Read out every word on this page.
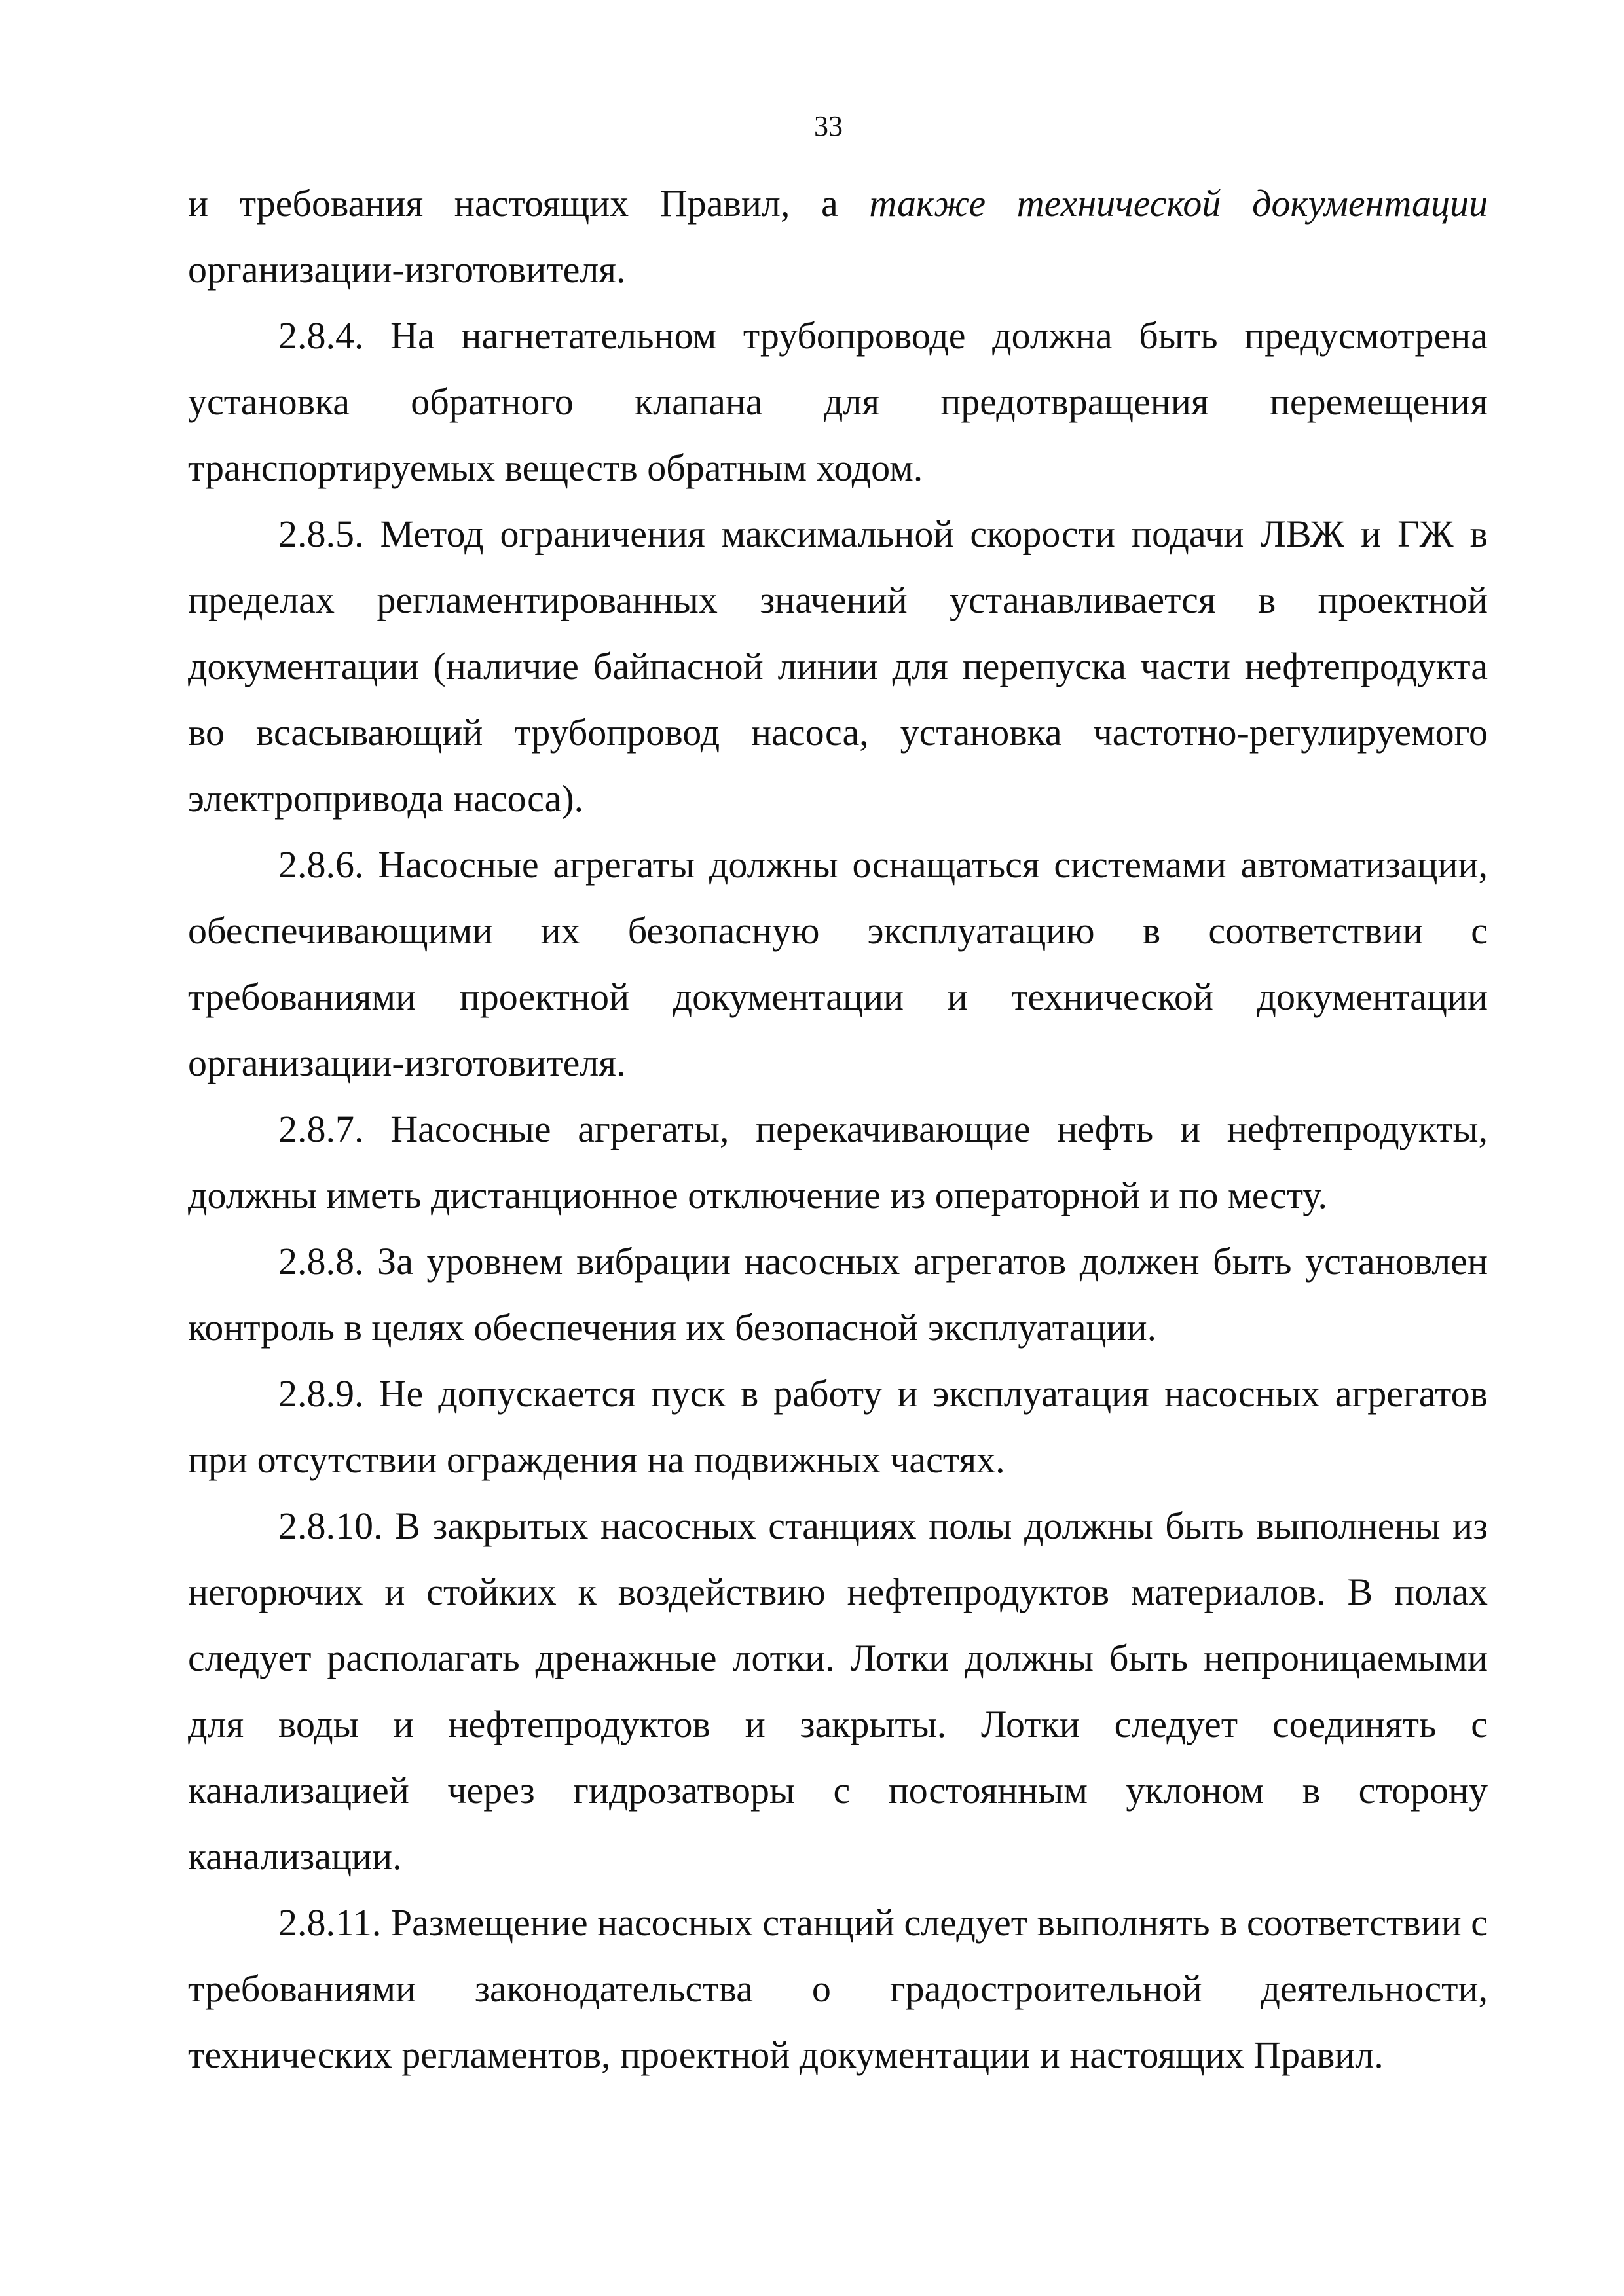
33

и требования настоящих Правил, а также технической документации организации-изготовителя.

2.8.4. На нагнетательном трубопроводе должна быть предусмотрена установка обратного клапана для предотвращения перемещения транспортируемых веществ обратным ходом.

2.8.5. Метод ограничения максимальной скорости подачи ЛВЖ и ГЖ в пределах регламентированных значений устанавливается в проектной документации (наличие байпасной линии для перепуска части нефтепродукта во всасывающий трубопровод насоса, установка частотно-регулируемого электропривода насоса).

2.8.6. Насосные агрегаты должны оснащаться системами автоматизации, обеспечивающими их безопасную эксплуатацию в соответствии с требованиями проектной документации и технической документации организации-изготовителя.

2.8.7. Насосные агрегаты, перекачивающие нефть и нефтепродукты, должны иметь дистанционное отключение из операторной и по месту.

2.8.8. За уровнем вибрации насосных агрегатов должен быть установлен контроль в целях обеспечения их безопасной эксплуатации.

2.8.9. Не допускается пуск в работу и эксплуатация насосных агрегатов при отсутствии ограждения на подвижных частях.

2.8.10. В закрытых насосных станциях полы должны быть выполнены из негорючих и стойких к воздействию нефтепродуктов материалов. В полах следует располагать дренажные лотки. Лотки должны быть непроницаемыми для воды и нефтепродуктов и закрыты. Лотки следует соединять с канализацией через гидрозатворы с постоянным уклоном в сторону канализации.

2.8.11. Размещение насосных станций следует выполнять в соответствии с требованиями законодательства о градостроительной деятельности, технических регламентов, проектной документации и настоящих Правил.
